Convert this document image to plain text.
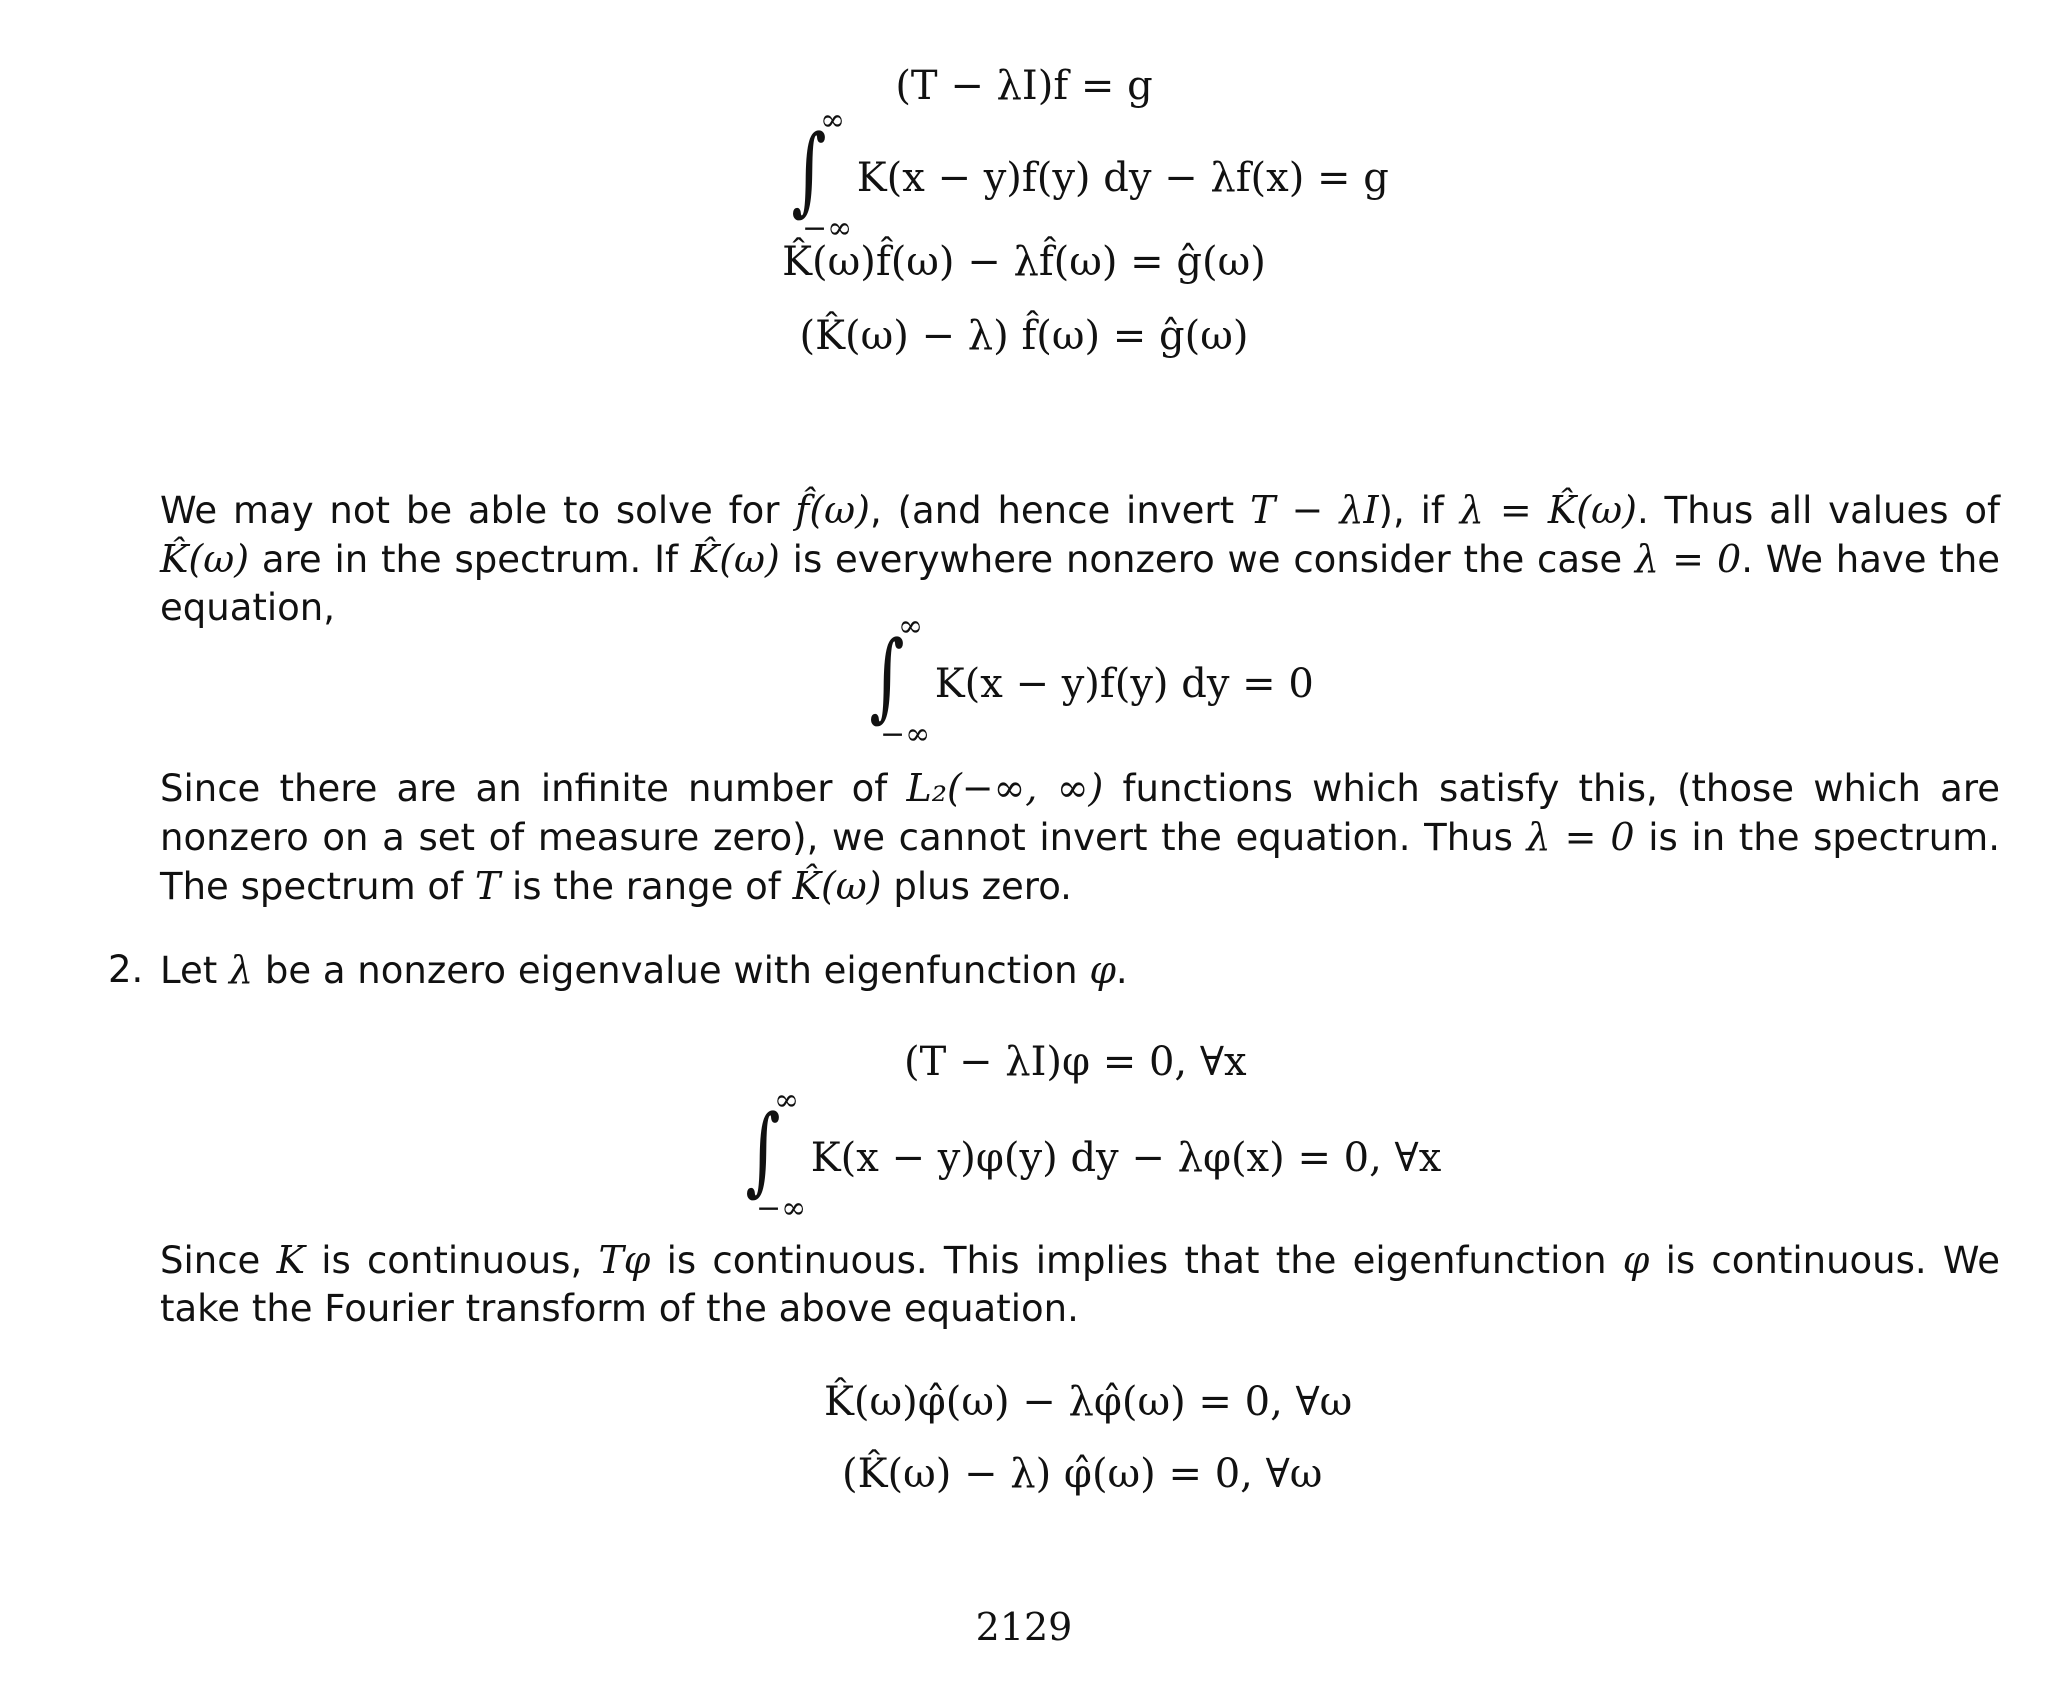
(T − λI)f = g
∫
∞
−∞
K(x − y)f(y) dy − λf(x) = g
K̂(ω)f̂(ω) − λf̂(ω) = ĝ(ω)
(K̂(ω) − λ) f̂(ω) = ĝ(ω)
We may not be able to solve for f̂(ω), (and hence invert T − λI), if λ = K̂(ω). Thus all values of K̂(ω) are in the spectrum. If K̂(ω) is everywhere nonzero we consider the case λ = 0. We have the equation,
∫
∞
−∞
K(x − y)f(y) dy = 0
Since there are an infinite number of L₂(−∞, ∞) functions which satisfy this, (those which are nonzero on a set of measure zero), we cannot invert the equation. Thus λ = 0 is in the spectrum. The spectrum of T is the range of K̂(ω) plus zero.
2. Let λ be a nonzero eigenvalue with eigenfunction φ.
(T − λI)φ = 0, ∀x
∫
∞
−∞
K(x − y)φ(y) dy − λφ(x) = 0, ∀x
Since K is continuous, Tφ is continuous. This implies that the eigenfunction φ is continuous. We take the Fourier transform of the above equation.
K̂(ω)φ̂(ω) − λφ̂(ω) = 0, ∀ω
(K̂(ω) − λ) φ̂(ω) = 0, ∀ω
2129
